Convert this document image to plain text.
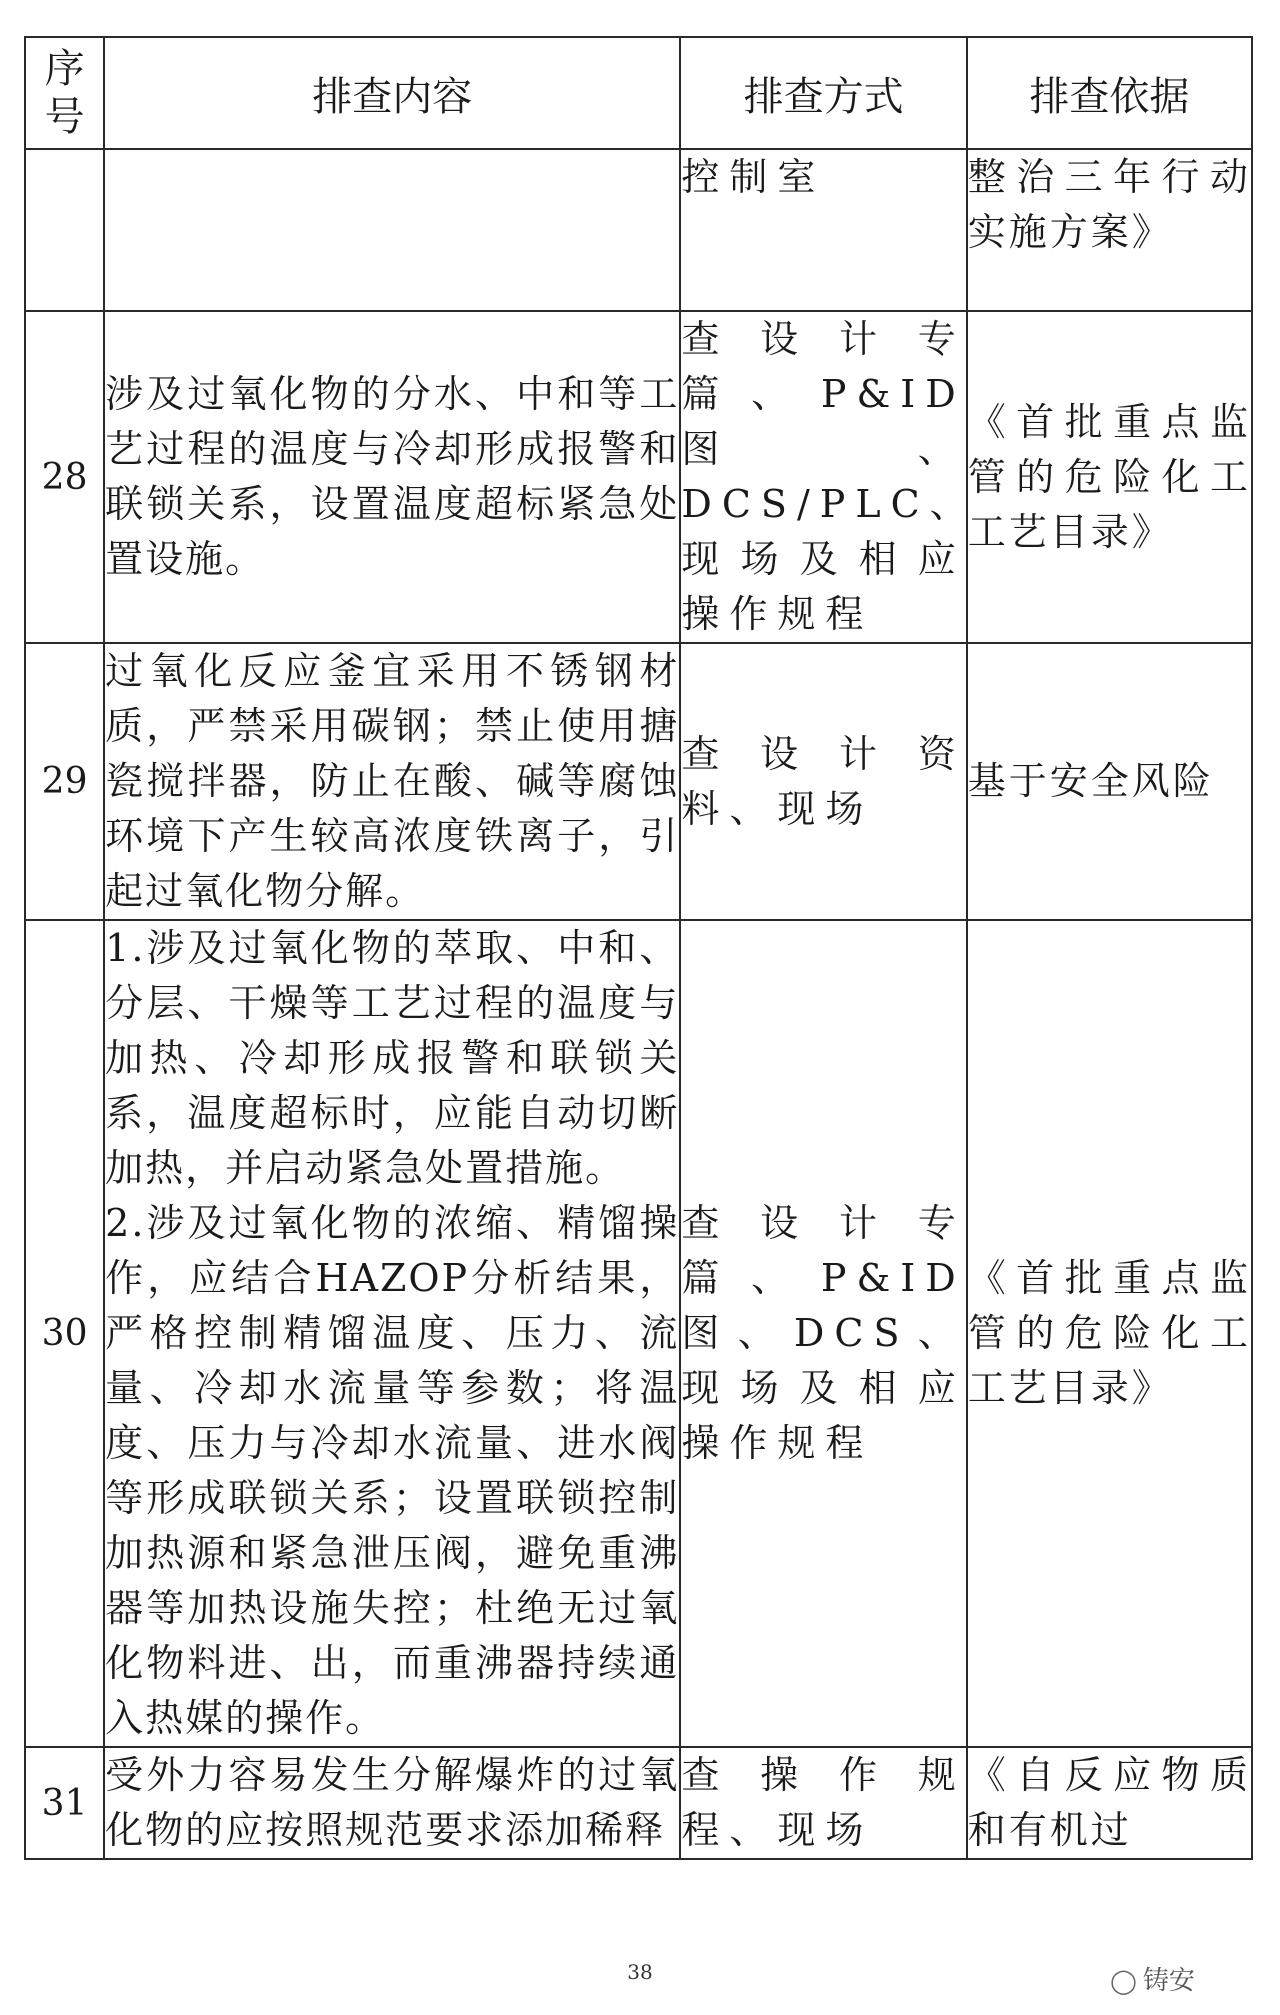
序号	排查内容	排查方式	排查依据
		控制室	整治三年行动实施方案》
28	涉及过氧化物的分水、中和等工艺过程的温度与冷却形成报警和联锁关系，设置温度超标紧急处置设施。	查设计专篇、P&ID图、DCS/PLC、现场及相应操作规程	《首批重点监管的危险化工工艺目录》
29	过氧化反应釜宜采用不锈钢材质，严禁采用碳钢；禁止使用搪瓷搅拌器，防止在酸、碱等腐蚀环境下产生较高浓度铁离子，引起过氧化物分解。	查设计资料、现场	基于安全风险
30	1.涉及过氧化物的萃取、中和、分层、干燥等工艺过程的温度与加热、冷却形成报警和联锁关系，温度超标时，应能自动切断加热，并启动紧急处置措施。
2.涉及过氧化物的浓缩、精馏操作，应结合HAZOP分析结果，严格控制精馏温度、压力、流量、冷却水流量等参数；将温度、压力与冷却水流量、进水阀等形成联锁关系；设置联锁控制加热源和紧急泄压阀，避免重沸器等加热设施失控；杜绝无过氧化物料进、出，而重沸器持续通入热媒的操作。	查设计专篇、P&ID图、DCS、现场及相应操作规程	《首批重点监管的危险化工工艺目录》
31	受外力容易发生分解爆炸的过氧化物的应按照规范要求添加稀释	查操作规程、现场	《自反应物质和有机过
38	◯ 铸安
